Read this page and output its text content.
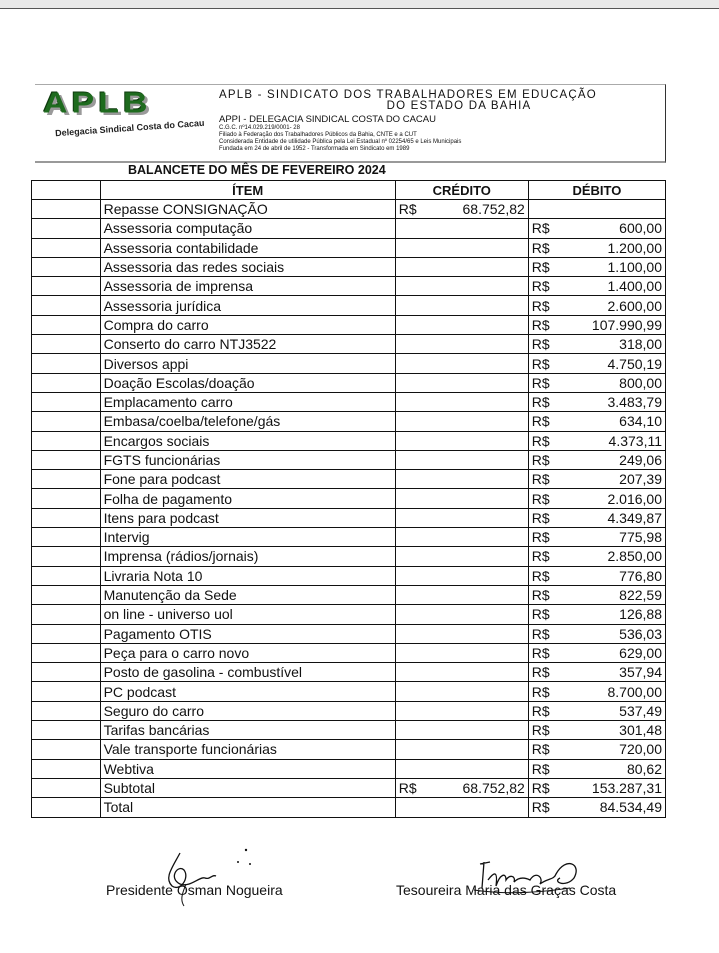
APLB
Delegacia Sindical Costa do Cacau
APLB - SINDICATO DOS TRABALHADORES EM EDUCAÇÃO
DO ESTADO DA BAHIA
APPI - DELEGACIA SINDICAL COSTA DO CACAU
C.G.C. nº14.029.219/0001- 28
Filiado à Federação dos Trabalhadores Públicos da Bahia, CNTE e a CUT
Considerada Entidade de utilidade Pública pela Lei Estadual nº 02254/65 e Leis Municipais
Fundada em 24 de abril de 1952 - Transformada em Sindicato em 1989
BALANCETE DO MÊS DE FEVEREIRO 2024
	ÍTEM	CRÉDITO	DÉBITO
	Repasse CONSIGNAÇÃO	R$ 68.752,82	

	Assessoria computação		R$ 600,00

	Assessoria contabilidade		R$ 1.200,00

	Assessoria das redes sociais		R$ 1.100,00

	Assessoria de imprensa		R$ 1.400,00

	Assessoria jurídica		R$ 2.600,00

	Compra do carro		R$ 107.990,99

	Conserto do carro NTJ3522		R$ 318,00

	Diversos appi		R$ 4.750,19

	Doação Escolas/doação		R$ 800,00

	Emplacamento carro		R$ 3.483,79

	Embasa/coelba/telefone/gás		R$ 634,10

	Encargos sociais		R$ 4.373,11

	FGTS funcionárias		R$ 249,06

	Fone para podcast		R$ 207,39

	Folha de pagamento		R$ 2.016,00

	Itens para podcast		R$ 4.349,87

	Intervig		R$ 775,98

	Imprensa (rádios/jornais)		R$ 2.850,00

	Livraria Nota 10		R$ 776,80

	Manutenção da Sede		R$ 822,59

	on line - universo uol		R$ 126,88

	Pagamento OTIS		R$ 536,03

	Peça para o carro novo		R$ 629,00

	Posto de gasolina - combustível		R$ 357,94

	PC podcast		R$ 8.700,00

	Seguro do carro		R$ 537,49

	Tarifas bancárias		R$ 301,48

	Vale transporte funcionárias		R$ 720,00

	Webtiva		R$ 80,62

	Subtotal	R$ 68.752,82	R$ 153.287,31

	Total		R$ 84.534,49
Presidente Osman Nogueira	Tesoureira Maria das Graças Costa
